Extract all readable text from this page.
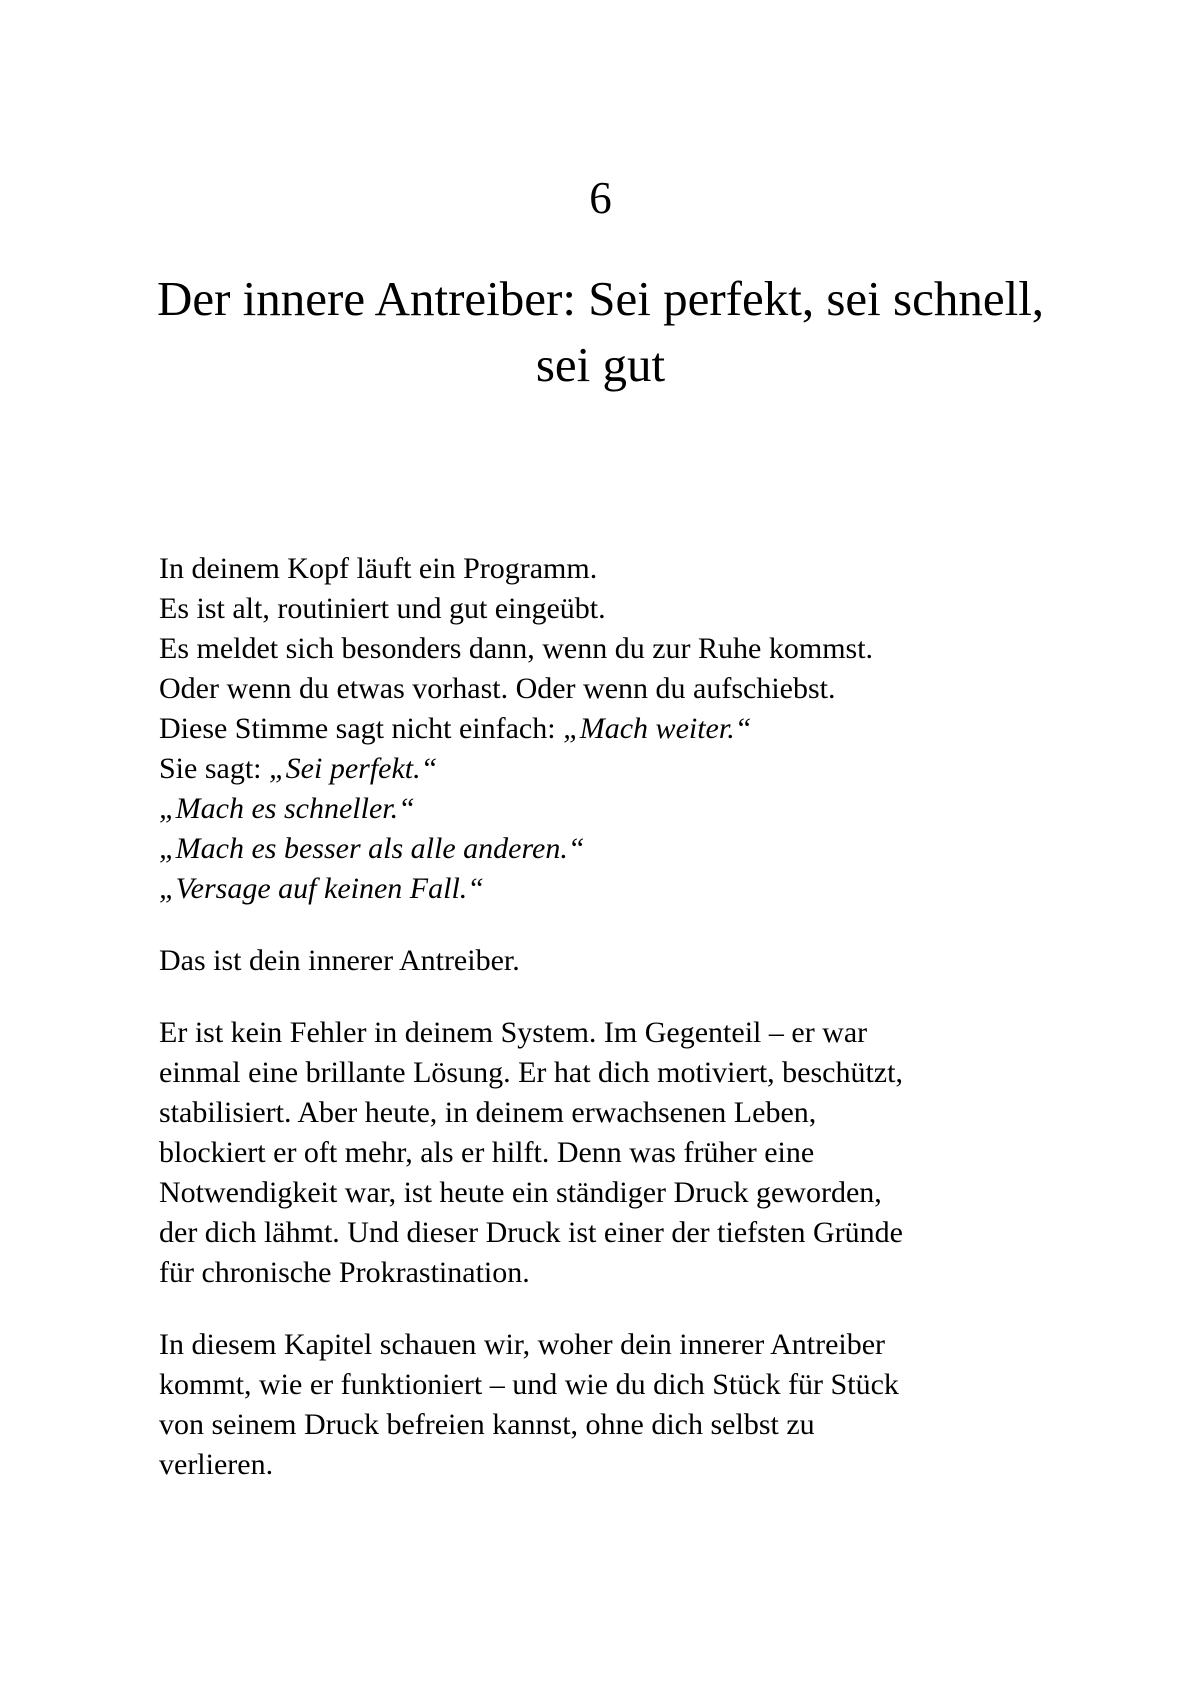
6
Der innere Antreiber: Sei perfekt, sei schnell, sei gut
In deinem Kopf läuft ein Programm.
Es ist alt, routiniert und gut eingeübt.
Es meldet sich besonders dann, wenn du zur Ruhe kommst.
Oder wenn du etwas vorhast. Oder wenn du aufschiebst.
Diese Stimme sagt nicht einfach: „Mach weiter.“
Sie sagt: „Sei perfekt.“
„Mach es schneller.“
„Mach es besser als alle anderen.“
„Versage auf keinen Fall.“
Das ist dein innerer Antreiber.
Er ist kein Fehler in deinem System. Im Gegenteil – er war
einmal eine brillante Lösung. Er hat dich motiviert, beschützt,
stabilisiert. Aber heute, in deinem erwachsenen Leben,
blockiert er oft mehr, als er hilft. Denn was früher eine
Notwendigkeit war, ist heute ein ständiger Druck geworden,
der dich lähmt. Und dieser Druck ist einer der tiefsten Gründe
für chronische Prokrastination.
In diesem Kapitel schauen wir, woher dein innerer Antreiber
kommt, wie er funktioniert – und wie du dich Stück für Stück
von seinem Druck befreien kannst, ohne dich selbst zu
verlieren.
